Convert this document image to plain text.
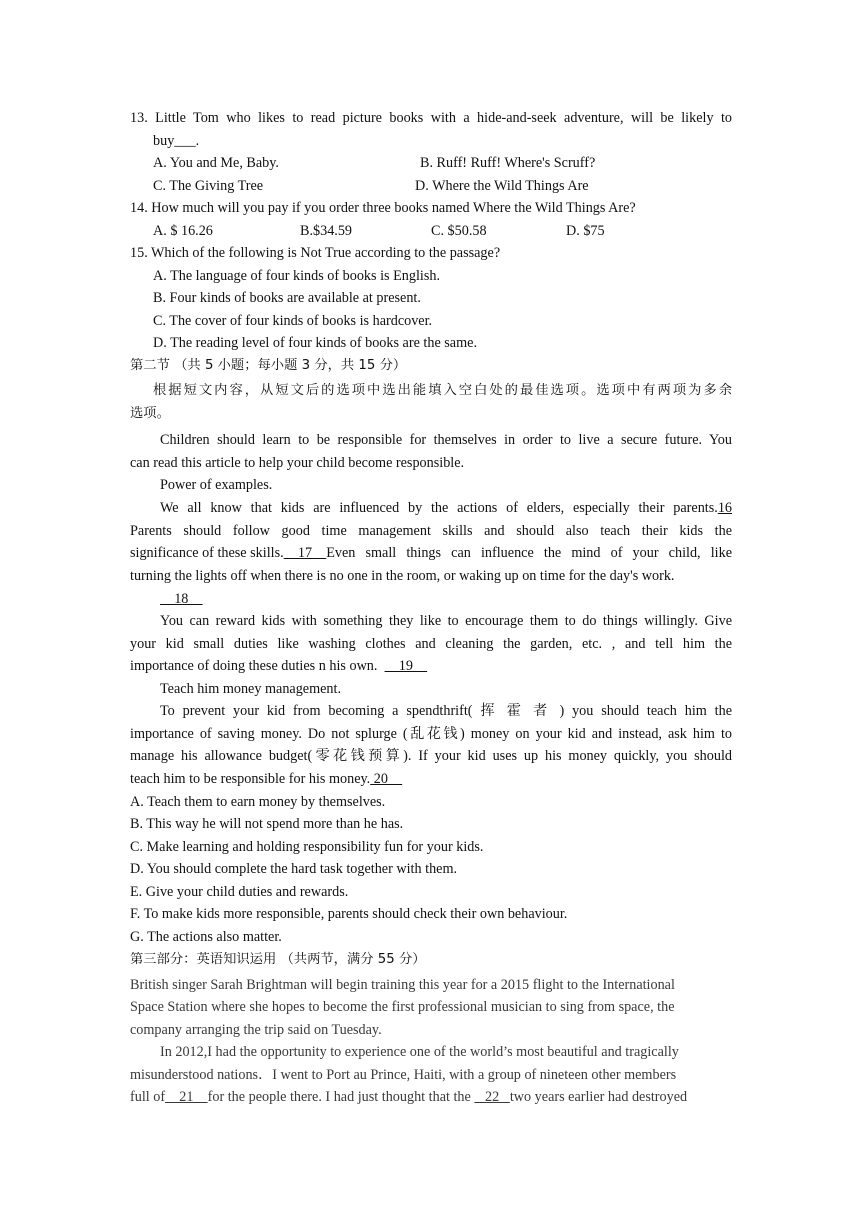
13. Little Tom who likes to read picture books with a hide-and-seek adventure, will be likely to
buy___.
A. You and Me, Baby.	B. Ruff! Ruff! Where's Scruff?
C. The Giving Tree	D. Where the Wild Things Are
14. How much will you pay if you order three books named Where the Wild Things Are?
A. $ 16.26	B.$34.59	C. $50.58	D. $75
15. Which of the following is Not True according to the passage?
A. The language of four kinds of books is English.
B. Four kinds of books are available at present.
C. The cover of four kinds of books is hardcover.
D. The reading level of four kinds of books are the same.
第二节 （共 5 小题；每小题 3 分，共 15 分）
根据短文内容，从短文后的选项中选出能填入空白处的最佳选项。选项中有两项为多余
选项。
Children should learn to be responsible for themselves in order to live a secure future. You
can read this article to help your child become responsible.
Power of examples.
We all know that kids are influenced by the actions of elders, especially their parents. 16
Parents should follow good time management skills and should also teach their kids the
significance of these skills. 17 Even small things can influence the mind of your child, like
turning the lights off when there is no one in the room, or waking up on time for the day's work.
18
You can reward kids with something they like to encourage them to do things willingly. Give
your kid small duties like washing clothes and cleaning the garden, etc. , and tell him the
importance of doing these duties n his own.      19
Teach him money management.
To prevent your kid from becoming a spendthrift( 挥 霍 者 ) you should teach him the
importance of saving money. Do not splurge (乱花钱) money on your kid and instead, ask him to
manage his allowance budget(零花钱预算). If your kid uses up his money quickly, you should
teach him to be responsible for his money. 20
A. Teach them to earn money by themselves.
B. This way he will not spend more than he has.
C. Make learning and holding responsibility fun for your kids.
D. You should complete the hard task together with them.
E. Give your child duties and rewards.
F. To make kids more responsible, parents should check their own behaviour.
G. The actions also matter.
第三部分：英语知识运用 （共两节，满分 55 分）
British singer Sarah Brightman will begin training this year for a 2015 flight to the International
Space Station where she hopes to become the first professional musician to sing from space, the
company arranging the trip said on Tuesday.
In 2012,I had the opportunity to experience one of the world’s most beautiful and tragically
misunderstood nations．I went to Port au Prince, Haiti, with a group of nineteen other members
full of    21    for the people there. I had just thought that the    22   two years earlier had destroyed
